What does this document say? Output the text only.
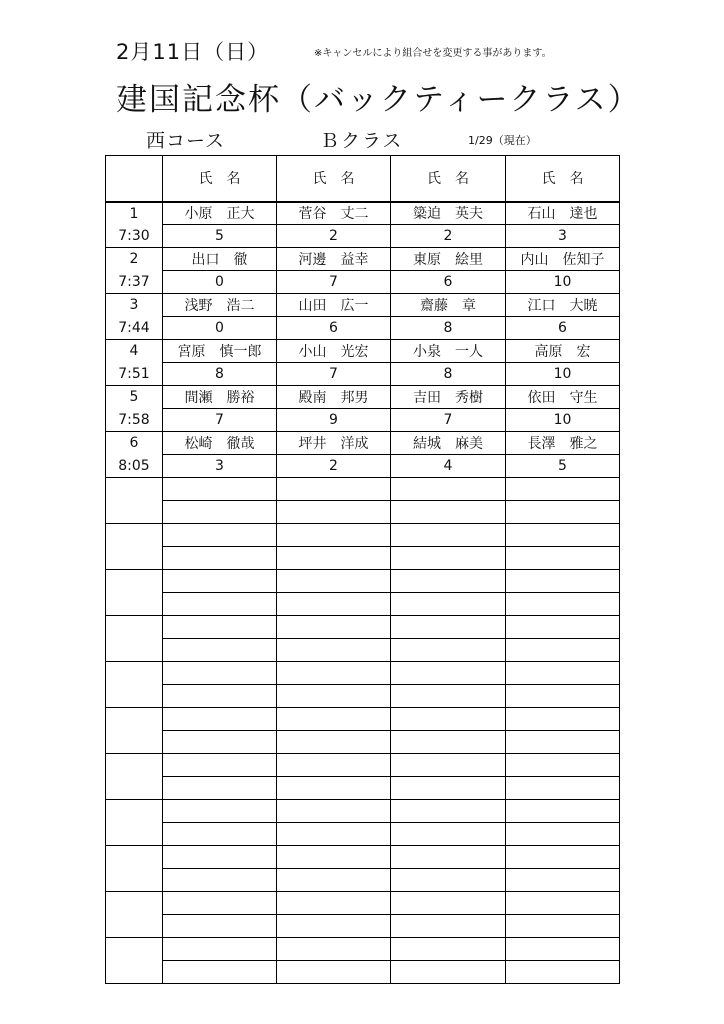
2月11日（日）	※キャンセルにより組合せを変更する事があります。
建国記念杯（バックティークラス）
西コース	Ｂクラス	1/29（現在）
	氏　名	氏　名	氏　名	氏　名
1	小原　正大	菅谷　丈二	簗迫　英夫	石山　達也
7:30	5	2	2	3
2	出口　徹	河邊　益幸	東原　絵里	内山　佐知子
7:37	0	7	6	10
3	浅野　浩二	山田　広一	齋藤　章	江口　大暁
7:44	0	6	8	6
4	宮原　慎一郎	小山　光宏	小泉　一人	高原　宏
7:51	8	7	8	10
5	間瀬　勝裕	殿南　邦男	吉田　秀樹	依田　守生
7:58	7	9	7	10
6	松崎　徹哉	坪井　洋成	結城　麻美	長澤　雅之
8:05	3	2	4	5
